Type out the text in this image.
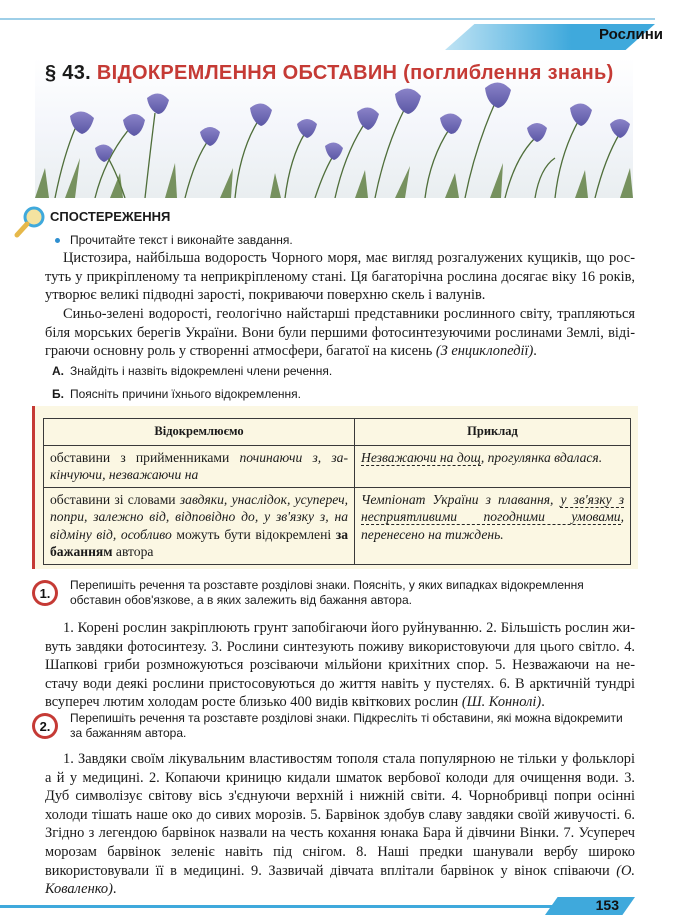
Рослини
§ 43. ВІДОКРЕМЛЕННЯ ОБСТАВИН (поглиблення знань)
СПОСТЕРЕЖЕННЯ
Прочитайте текст і виконайте завдання.
Цистозира, найбільша водорость Чорного моря, має вигляд розгалужених кущиків, що ростуть у прикріпленому та неприкріпленому стані. Ця багаторічна рослина досягає віку 16 років, утворює великі підводні зарості, покриваючи поверхню скель і валунів.
Синьо-зелені водорості, геологічно найстарші представники рослинного світу, трапляються біля морських берегів України. Вони були першими фотосинтезуючими рослинами Землі, відіграючи основну роль у створенні атмосфери, багатої на кисень (З енциклопедії).
А. Знайдіть і назвіть відокремлені члени речення.
Б. Поясніть причини їхнього відокремлення.
Відокремлюємо	Приклад
обставини з прийменниками починаючи з, закінчуючи, незважаючи на	Незважаючи на дощ, прогулянка вдалася.
обставини зі словами завдяки, унаслідок, усупереч, попри, залежно від, відповідно до, у зв'язку з, на відміну від, особливо можуть бути відокремлені за бажанням автора	Чемпіонат України з плавання, у зв'язку з несприятливими погодними умовами, перенесено на тиждень.
1.
Перепишіть речення та розставте розділові знаки. Поясніть, у яких випадках відокремлення обставин обов'язкове, а в яких залежить від бажання автора.
1. Корені рослин закріплюють грунт запобігаючи його руйнуванню. 2. Більшість рослин живуть завдяки фотосинтезу. 3. Рослини синтезують поживу використовуючи для цього світло. 4. Шапкові гриби розмножуються розсіваючи мільйони крихітних спор. 5. Незважаючи на нестачу води деякі рослини пристосовуються до життя навіть у пустелях. 6. В арктичній тундрі всупереч лютим холодам росте близько 400 видів квіткових рослин (Ш. Коннолі).
2.
Перепишіть речення та розставте розділові знаки. Підкресліть ті обставини, які можна відокремити за бажанням автора.
1. Завдяки своїм лікувальним властивостям тополя стала популярною не тільки у фольклорі а й у медицині. 2. Копаючи криницю кидали шматок вербової колоди для очищення води. 3. Дуб символізує світову вісь з'єднуючи верхній і нижній світи. 4. Чорнобривці попри осінні холоди тішать наше око до сивих морозів. 5. Барвінок здобув славу завдяки своїй живучості. 6. Згідно з легендою барвінок назвали на честь кохання юнака Бара й дівчини Вінки. 7. Усупереч морозам барвінок зеленіє навіть під снігом. 8. Наші предки шанували вербу широко використовували її в медицині. 9. Зазвичай дівчата вплітали барвінок у вінок співаючи (О. Коваленко).
153
